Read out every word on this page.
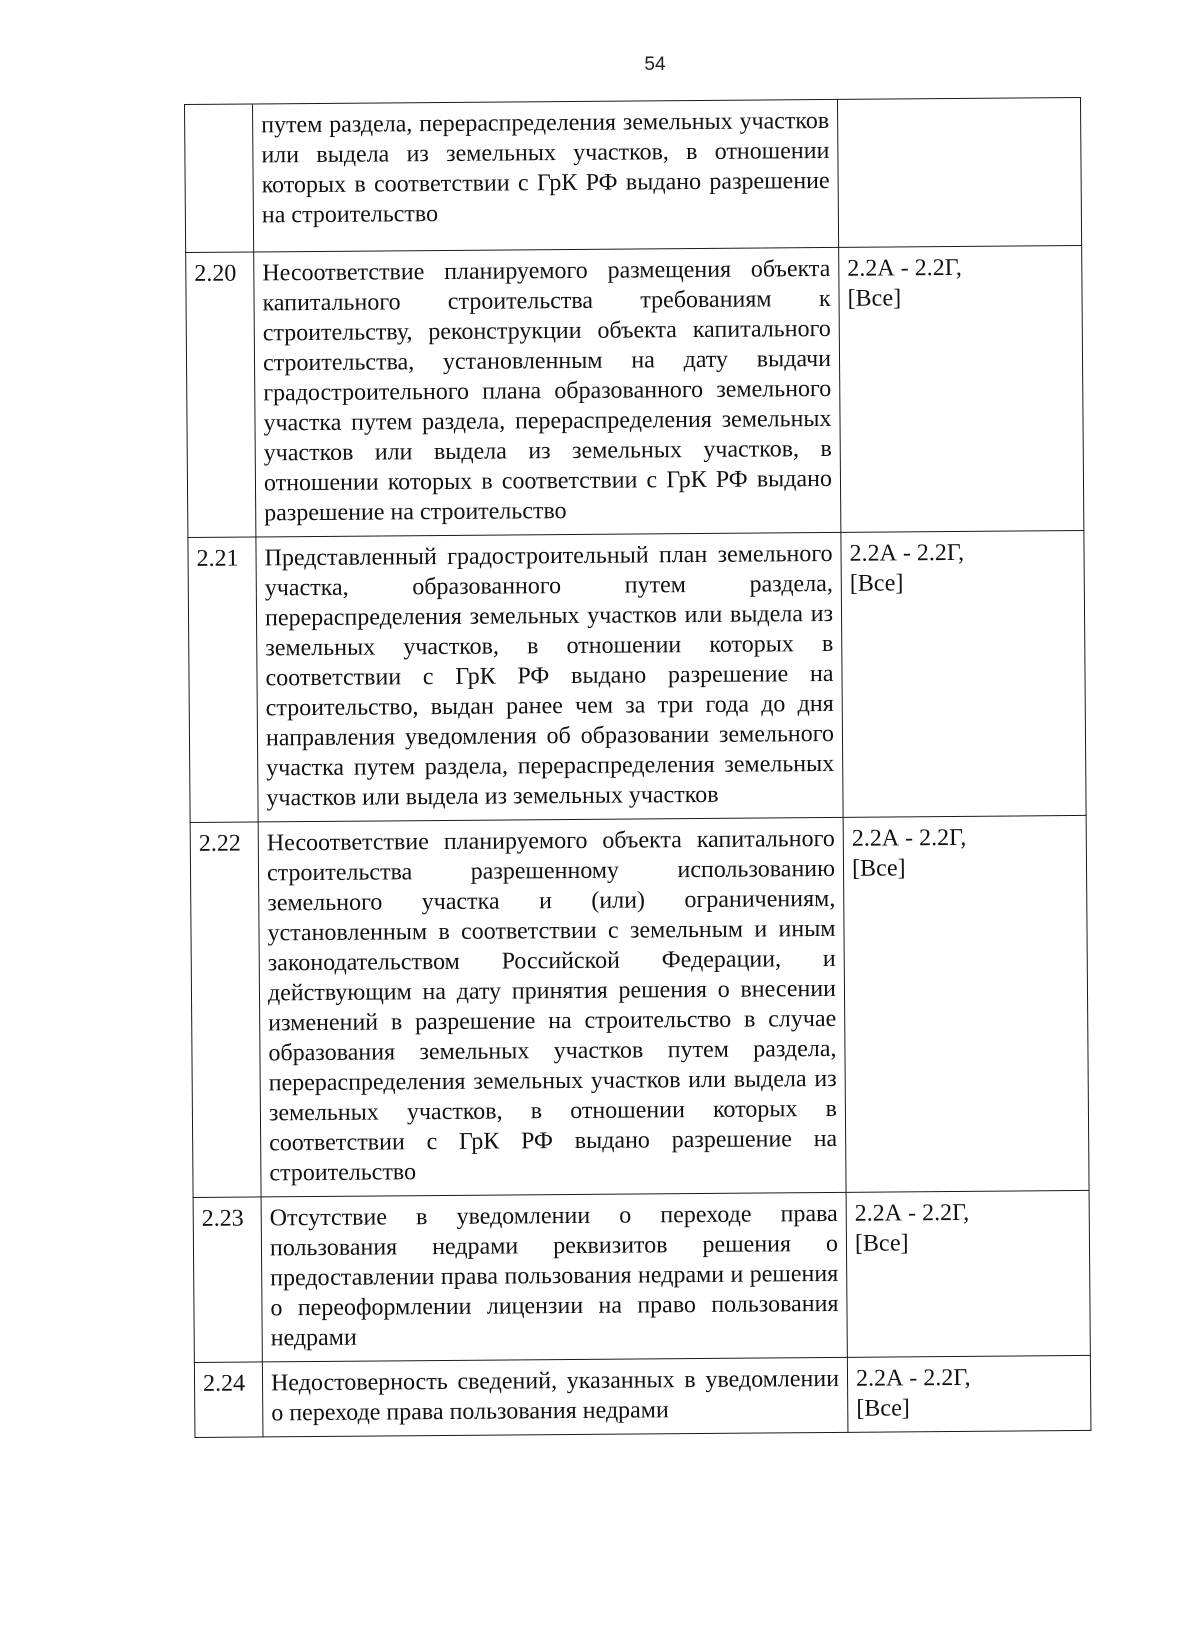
54
	путем раздела, перераспределения земельных участков или выдела из земельных участков, в отношении которых в соответствии с ГрК РФ выдано разрешение на строительство	

2.20	Несоответствие планируемого размещения объекта капитального строительства требованиям к строительству, реконструкции объекта капитального строительства, установленным на дату выдачи градостроительного плана образованного земельного участка путем раздела, перераспределения земельных участков или выдела из земельных участков, в отношении которых в соответствии с ГрК РФ выдано разрешение на строительство	2.2А - 2.2Г,
[Все]

2.21	Представленный градостроительный план земельного участка, образованного путем раздела, перераспределения земельных участков или выдела из земельных участков, в отношении которых в соответствии с ГрК РФ выдано разрешение на строительство, выдан ранее чем за три года до дня направления уведомления об образовании земельного участка путем раздела, перераспределения земельных участков или выдела из земельных участков	2.2А - 2.2Г,
[Все]

2.22	Несоответствие планируемого объекта капитального строительства разрешенному использованию земельного участка и (или) ограничениям, установленным в соответствии с земельным и иным законодательством Российской Федерации, и действующим на дату принятия решения о внесении изменений в разрешение на строительство в случае образования земельных участков путем раздела, перераспределения земельных участков или выдела из земельных участков, в отношении которых в соответствии с ГрК РФ выдано разрешение на строительство	2.2А - 2.2Г,
[Все]

2.23	Отсутствие в уведомлении о переходе права пользования недрами реквизитов решения о предоставлении права пользования недрами и решения о переоформлении лицензии на право пользования недрами	2.2А - 2.2Г,
[Все]

2.24	Недостоверность сведений, указанных в уведомлении о переходе права пользования недрами	2.2А - 2.2Г,
[Все]
